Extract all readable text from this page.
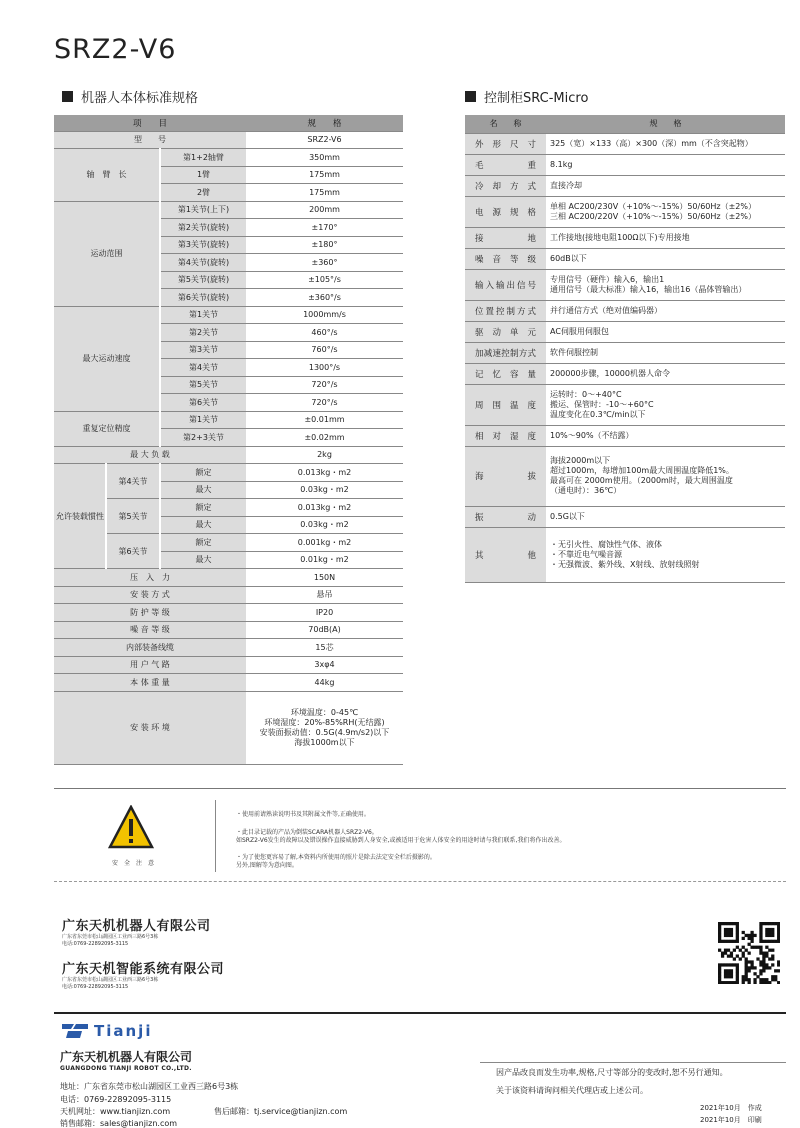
SRZ2-V6
机器人本体标准规格	控制柜SRC-Micro
项　　目			规　　格
型　　号			SRZ2-V6
轴　臂　长		第1+2轴臂	350mm
		1臂	175mm
		2臂	175mm
运动范围		第1关节(上下)	200mm
		第2关节(旋转)	±170°
		第3关节(旋转)	±180°
		第4关节(旋转)	±360°
		第5关节(旋转)	±105°/s
		第6关节(旋转)	±360°/s
最大运动速度		第1关节	1000mm/s
		第2关节	460°/s
		第3关节	760°/s
		第4关节	1300°/s
		第5关节	720°/s
		第6关节	720°/s
重复定位精度		第1关节	±0.01mm
		第2+3关节	±0.02mm
最 大 负 载			2kg
允许装载惯性	第4关节	额定	0.013kg・m2
		最大	0.03kg・m2
	第5关节	额定	0.013kg・m2
		最大	0.03kg・m2
	第6关节	额定	0.001kg・m2
		最大	0.01kg・m2
压　入　力			150N
安 装 方 式			悬吊
防 护 等 级			IP20
噪 音 等 级			70dB(A)
内部装备线缆			15芯
用 户 气 路			3xφ4
本 体 重 量			44kg
安 装 环 境			环境温度：0-45℃
环境湿度：20%-85%RH(无结露)
安装面振动值：0.5G(4.9m/s2)以下
海拔1000m以下
名　　称	规　　格
外形尺寸	325（宽）×133（高）×300（深）mm（不含突起物）

毛重	8.1kg

冷却方式	直接冷却

电源规格	单相 AC200/230V（+10%～-15%）50/60Hz（±2%）
三相 AC200/220V（+10%～-15%）50/60Hz（±2%）

接地	工作接地(接地电阻100Ω以下)专用接地

噪音等级	60dB以下

输入输出信号	专用信号（硬件）输入6，输出1
通用信号（最大标准）输入16，输出16（晶体管输出）

位置控制方式	并行通信方式（绝对值编码器）

驱动单元	AC伺服用伺服包

加减速控制方式	软件伺服控制

记忆容量	200000步骤，10000机器人命令

周围温度	运转时：0～+40°C
搬运、保管时：-10～+60°C
温度变化在0.3℃/min以下

相对湿度	10%～90%（不结露）

海拔	海拔2000m以下
超过1000m，每增加100m最大周围温度降低1%。
最高可在 2000m使用。（2000m时，最大周围温度
（通电时）：36℃）

振动	0.5G以下

其他	・无引火性、腐蚀性气体、液体
・不靠近电气噪音源
・无强微波、紫外线、X射线、放射线照射
安　全　注　意
・使用前请熟读说明书及其附属文件等,正确使用。
・此目录记载的产品为倒装SCARA机器人SRZ2-V6。
如SRZ2-V6发生的故障以及错误操作直接威胁到人身安全,或被适用于危害人体安全的用途时请与我们联系,我们将作出改善。
・为了使您更容易了解,本资料内所使用的照片是除去法定安全栏后摄影的。
另外,图解等为意向图。
广东天机机器人有限公司
广东省东莞市松山湖园区工业西三路6号3栋
电话:0769-22892095-3115
广东天机智能系统有限公司
广东省东莞市松山湖园区工业西三路6号3栋
电话:0769-22892095-3115
Tianji
广东天机机器人有限公司
GUANGDONG TIANJI ROBOT CO.,LTD.
地址：广东省东莞市松山湖园区工业西三路6号3栋
电话：0769-22892095-3115
天机网址：www.tianjizn.com	售后邮箱：tj.service@tianjizn.com
销售邮箱：sales@tianjizn.com
因产品改良而发生功率,规格,尺寸等部分的变改时,恕不另行通知。
关于该资料请询问相关代理店或上述公司。
2021年10月　作成
2021年10月　印刷
